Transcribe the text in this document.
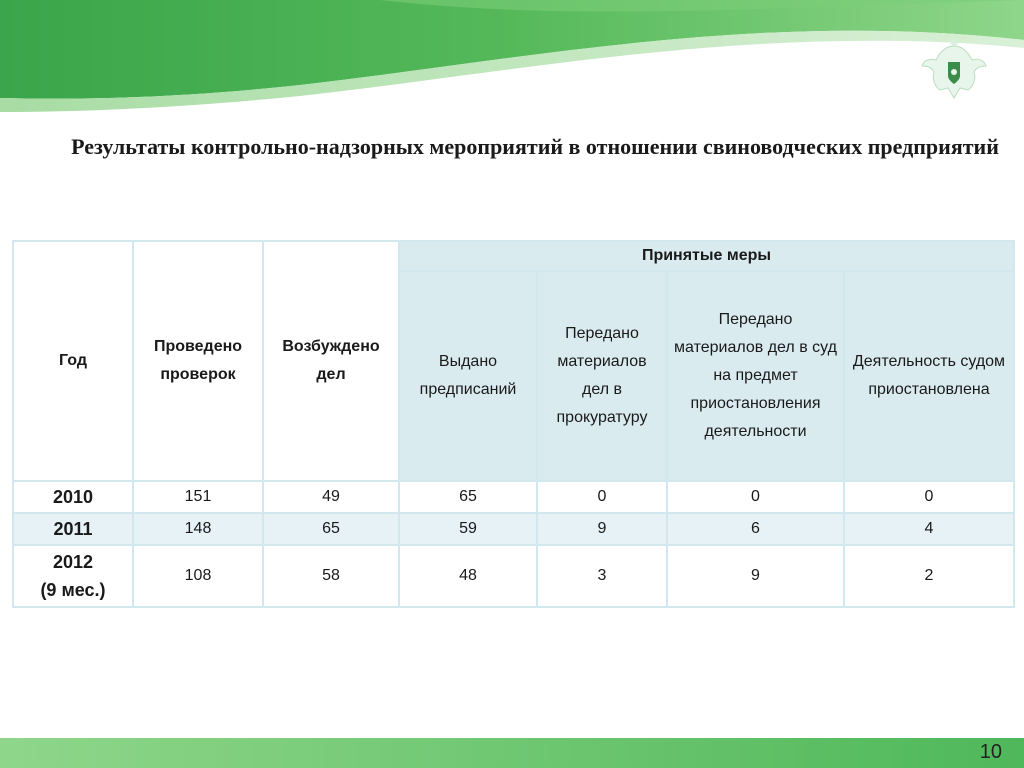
Результаты контрольно-надзорных мероприятий в отношении свиноводческих предприятий
Год	Проведено проверок	Возбуждено дел	Принятые меры			
			Выдано предписаний	Передано материалов дел в прокуратуру	Передано материалов дел в суд на предмет приостановления деятельности	Деятельность судом приостановлена
2010	151	49	65	0	0	0
2011	148	65	59	9	6	4

2012
(9 мес.)	108	58	48	3	9	2
10
